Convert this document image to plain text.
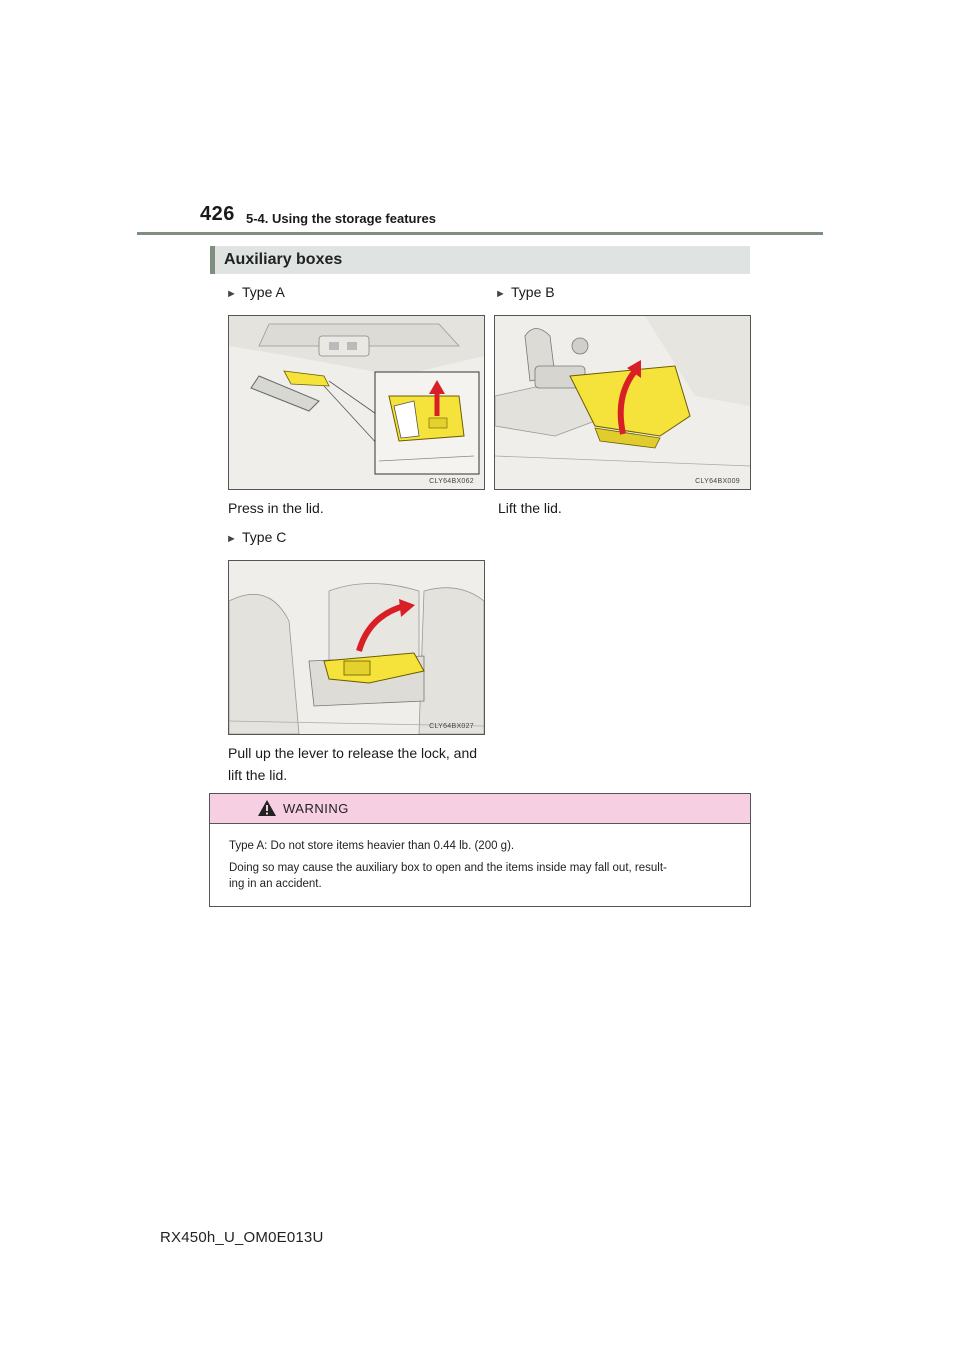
426 5-4. Using the storage features
Auxiliary boxes
► Type A
CLY64BX062
Press in the lid.
► Type B
CLY64BX009
Lift the lid.
► Type C
CLY64BX027
Pull up the lever to release the lock, and
lift the lid.
WARNING

Type A: Do not store items heavier than 0.44 lb. (200 g).

Doing so may cause the auxiliary box to open and the items inside may fall out, result-

ing in an accident.

RX450h_U_OM0E013U
